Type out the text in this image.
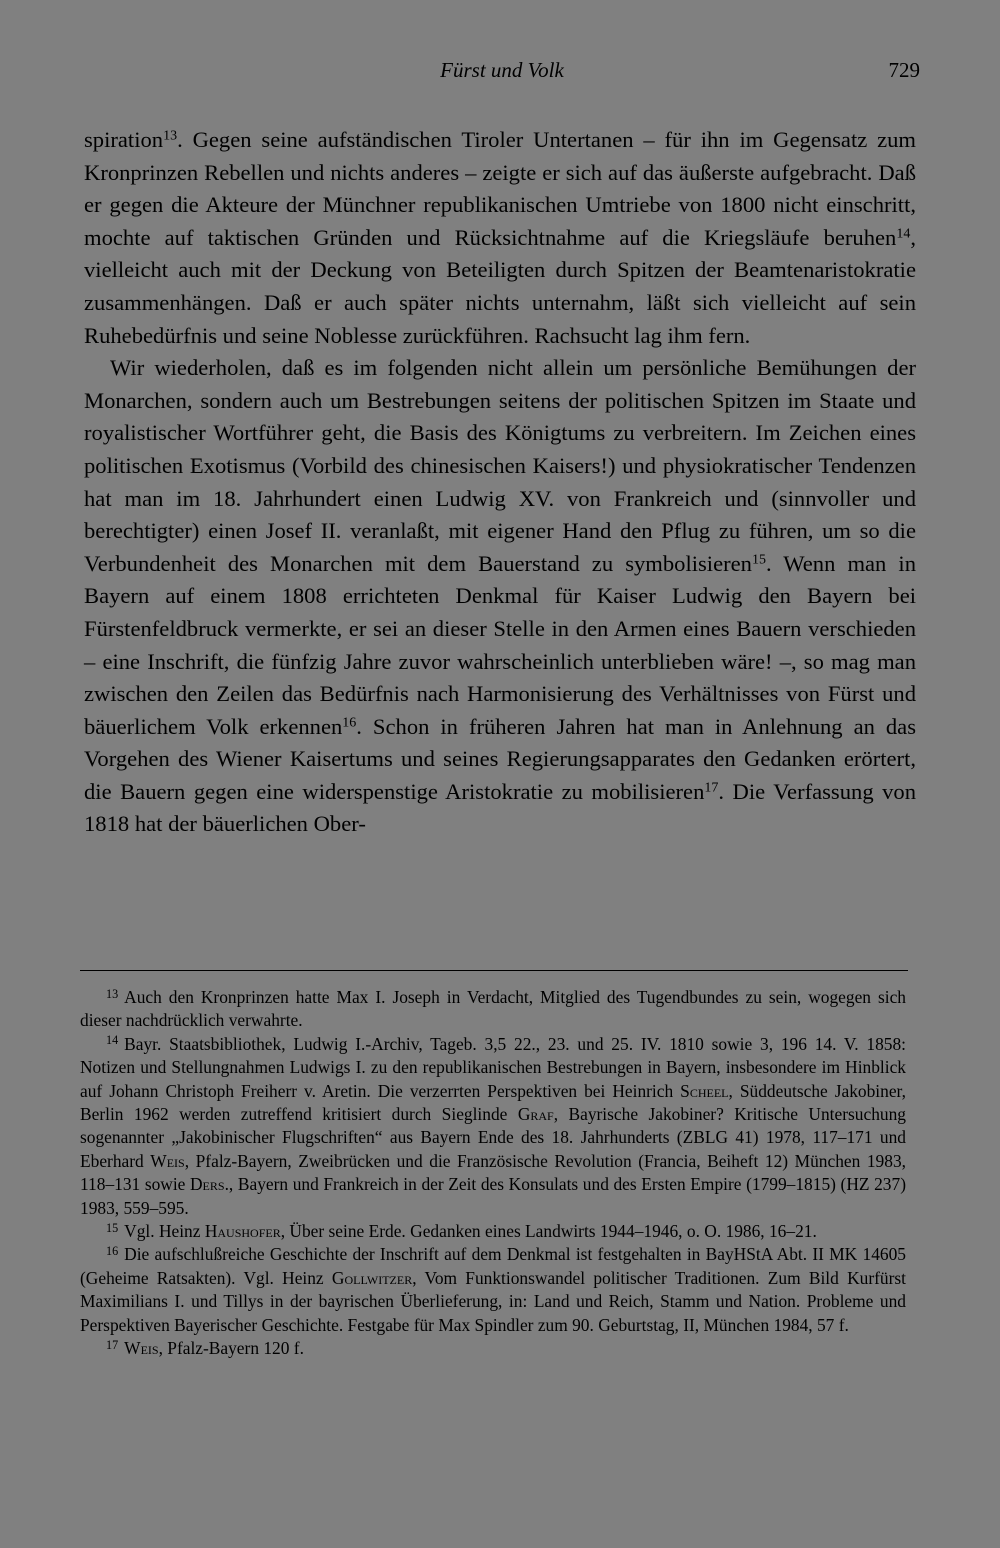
Fürst und Volk	729

spiration$^{13}$. Gegen seine aufständischen Tiroler Untertanen – für ihn im Gegensatz zum Kronprinzen Rebellen und nichts anderes – zeigte er sich auf das äußerste aufgebracht. Daß er gegen die Akteure der Münchner republikanischen Umtriebe von 1800 nicht einschritt, mochte auf taktischen Gründen und Rücksichtnahme auf die Kriegsläufe beruhen$^{14}$, vielleicht auch mit der Deckung von Beteiligten durch Spitzen der Beamtenaristokratie zusammenhängen. Daß er auch später nichts unternahm, läßt sich vielleicht auf sein Ruhebedürfnis und seine Noblesse zurückführen. Rachsucht lag ihm fern.

Wir wiederholen, daß es im folgenden nicht allein um persönliche Bemühungen der Monarchen, sondern auch um Bestrebungen seitens der politischen Spitzen im Staate und royalistischer Wortführer geht, die Basis des Königtums zu verbreitern. Im Zeichen eines politischen Exotismus (Vorbild des chinesischen Kaisers!) und physiokratischer Tendenzen hat man im 18. Jahrhundert einen Ludwig XV. von Frankreich und (sinnvoller und berechtigter) einen Josef II. veranlaßt, mit eigener Hand den Pflug zu führen, um so die Verbundenheit des Monarchen mit dem Bauerstand zu symbolisieren$^{15}$. Wenn man in Bayern auf einem 1808 errichteten Denkmal für Kaiser Ludwig den Bayern bei Fürstenfeldbruck vermerkte, er sei an dieser Stelle in den Armen eines Bauern verschieden – eine Inschrift, die fünfzig Jahre zuvor wahrscheinlich unterblieben wäre! –, so mag man zwischen den Zeilen das Bedürfnis nach Harmonisierung des Verhältnisses von Fürst und bäuerlichem Volk erkennen$^{16}$. Schon in früheren Jahren hat man in Anlehnung an das Vorgehen des Wiener Kaisertums und seines Regierungsapparates den Gedanken erörtert, die Bauern gegen eine widerspenstige Aristokratie zu mobilisieren$^{17}$. Die Verfassung von 1818 hat der bäuerlichen Ober-

$^{13}$ Auch den Kronprinzen hatte Max I. Joseph in Verdacht, Mitglied des Tugendbundes zu sein, wogegen sich dieser nachdrücklich verwahrte.

$^{14}$ Bayr. Staatsbibliothek, Ludwig I.-Archiv, Tageb. 3,5 22., 23. und 25. IV. 1810 sowie 3, 196 14. V. 1858: Notizen und Stellungnahmen Ludwigs I. zu den republikanischen Bestrebungen in Bayern, insbesondere im Hinblick auf Johann Christoph Freiherr v. Aretin. Die verzerrten Perspektiven bei Heinrich Scheel, Süddeutsche Jakobiner, Berlin 1962 werden zutreffend kritisiert durch Sieglinde Graf, Bayrische Jakobiner? Kritische Untersuchung sogenannter „Jakobinischer Flugschriften“ aus Bayern Ende des 18. Jahrhunderts (ZBLG 41) 1978, 117–171 und Eberhard Weis, Pfalz-Bayern, Zweibrücken und die Französische Revolution (Francia, Beiheft 12) München 1983, 118–131 sowie Ders., Bayern und Frankreich in der Zeit des Konsulats und des Ersten Empire (1799–1815) (HZ 237) 1983, 559–595.

$^{15}$ Vgl. Heinz Haushofer, Über seine Erde. Gedanken eines Landwirts 1944–1946, o. O. 1986, 16–21.

$^{16}$ Die aufschlußreiche Geschichte der Inschrift auf dem Denkmal ist festgehalten in BayHStA Abt. II MK 14605 (Geheime Ratsakten). Vgl. Heinz Gollwitzer, Vom Funktionswandel politischer Traditionen. Zum Bild Kurfürst Maximilians I. und Tillys in der bayrischen Überlieferung, in: Land und Reich, Stamm und Nation. Probleme und Perspektiven Bayerischer Geschichte. Festgabe für Max Spindler zum 90. Geburtstag, II, München 1984, 57 f.

$^{17}$ Weis, Pfalz-Bayern 120 f.
